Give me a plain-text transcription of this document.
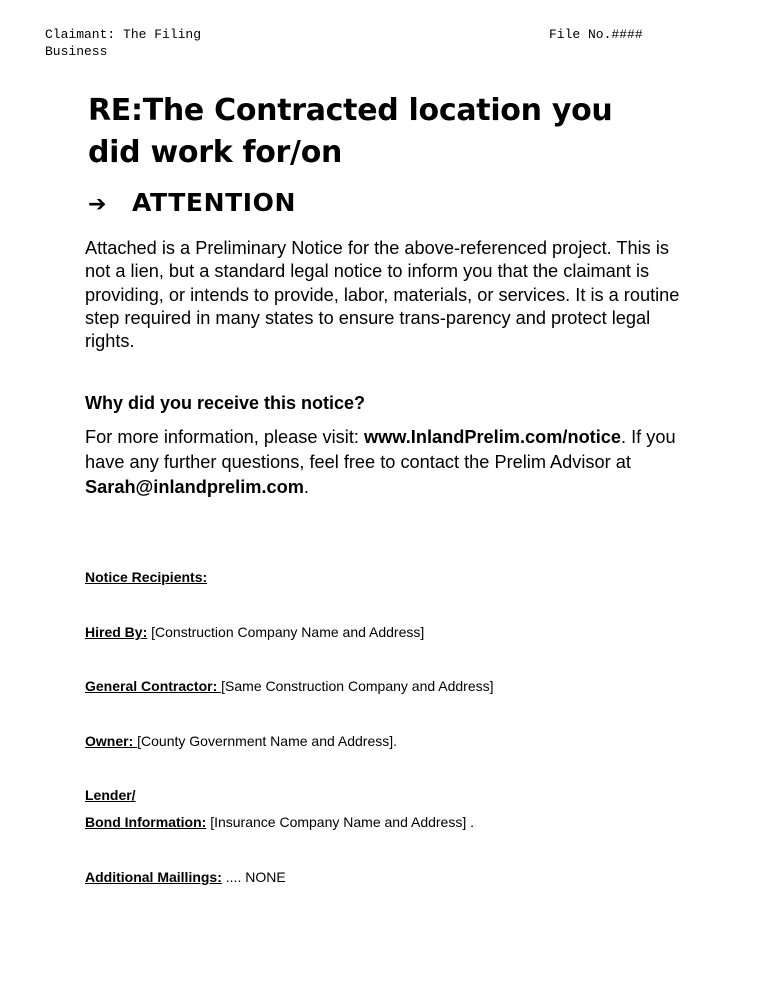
Claimant: The Filing Business
File No.####
RE:The Contracted location you did work for/on
➔ ATTENTION

Attached is a Preliminary Notice for the above-referenced project. This is not a lien, but a standard legal notice to inform you that the claimant is providing, or intends to provide, labor, materials, or services. It is a routine step required in many states to ensure trans-parency and protect legal rights.

Why did you receive this notice?

For more information, please visit: www.InlandPrelim.com/notice. If you have any further questions, feel free to contact the Prelim Advisor at Sarah@inlandprelim.com.

Notice Recipients:

Hired By: [Construction Company Name and Address]

General Contractor: [Same Construction Company and Address]

Owner: [County Government Name and Address].

Lender/

Bond Information: [Insurance Company Name and Address] .

Additional Maillings: .... NONE
